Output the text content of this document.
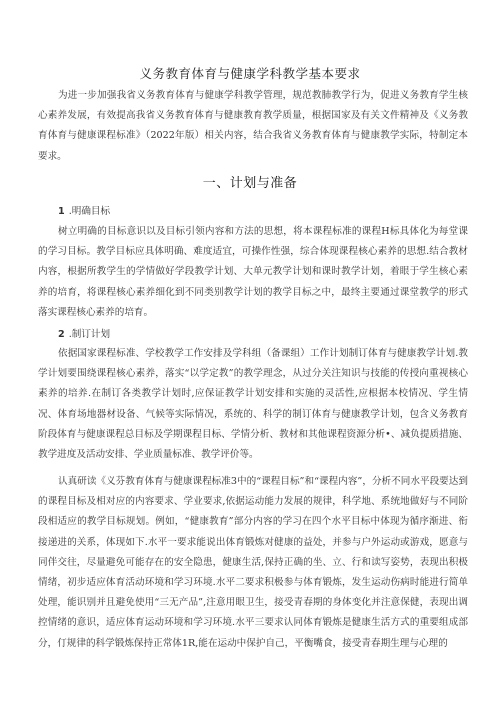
义务教育体育与健康学科教学基本要求

为进一步加强我省义务教育体育与健康学科教学管理，规范教肺教学行为，促进义务教育学生核心素养发展，有效提高我省义务教育体育与健康教育教学质量，根据国家及有关文件精神及《义务教育体育与健康课程标准》（2022年版）相关内容，结合我省义务教育体育与健康教学实际，特制定本要求。

一、计划与准备
1 .明确目标

树立明确的目标意识以及目标引领内容和方法的思想，将本课程标准的课程H标具体化为每堂课的学习目标。教学目标应具体明确、难度适宜，可操作性强，综合体现课程核心素养的思想.结合教材内容，根据所教学生的学情做好学段教学计划、大单元教学计划和课时教学计划，着眼于学生核心素养的培育，将课程核心素养细化到不同类别教学计划的教学目标之中，最终主要通过课堂教学的形式落实课程核心素养的培育。

2 .制订计划

依据国家课程标准、学校教学工作安排及学科组（备课组）工作计划制订体育与健康教学计划.教学计划要围绕课程核心素养，落实“以学定教”的教学理念，从过分关注知识与技能的传授向重视核心素养的培养.在制订各类教学计划时,应保证教学计划安排和实施的灵活性,应根据本校情况、学生情况、体育场地器材设备、气候等实际情况，系统的、科学的制订体育与健康教学计划，包含义务教育阶段体育与健康课程总目标及学期课程目标、学情分析、教材和其他课程资源分析•、减负提质措施、教学进度及活动安排、学业质量标准、教学评价等。

认真研读《义芬教育体育与健康课程标准3中的“课程目标”和“课程内容”，分析不同水平段要达到的课程目标及相对应的内容要求、学业要求,依据运动能力发展的规律，科学地、系统地做好与不同阶段相适应的教学目标规划。例如，“健康教育”部分内容的学习在四个水平目标中体现为循序渐进、衔接递进的关系，体现如下.水平一要求能说出体育锻炼对健康的益处，并参与户外运动或游戏，愿意与同伴交往，尽量避免可能存在的安全隐患，健康生活,保持正确的坐、立、行和读写姿势，表现出积极情绪，初步适应体育活动环境和学习环境.水平二要求积极参与体育锻炼，发生运动伤病时能进行简单处理，能识别并且避免使用“三无产品”,注意用眼卫生，接受青春期的身体变化并注意保健，表现出调控情绪的意识，适应体育运动环境和学习环境.水平三要求认同体育锻炼是健康生活方式的重要组成部分，仃规律的科学锻炼保持正常体1R,能在运动中保护自己，平衡嘴食，接受青春期生理与心理的
